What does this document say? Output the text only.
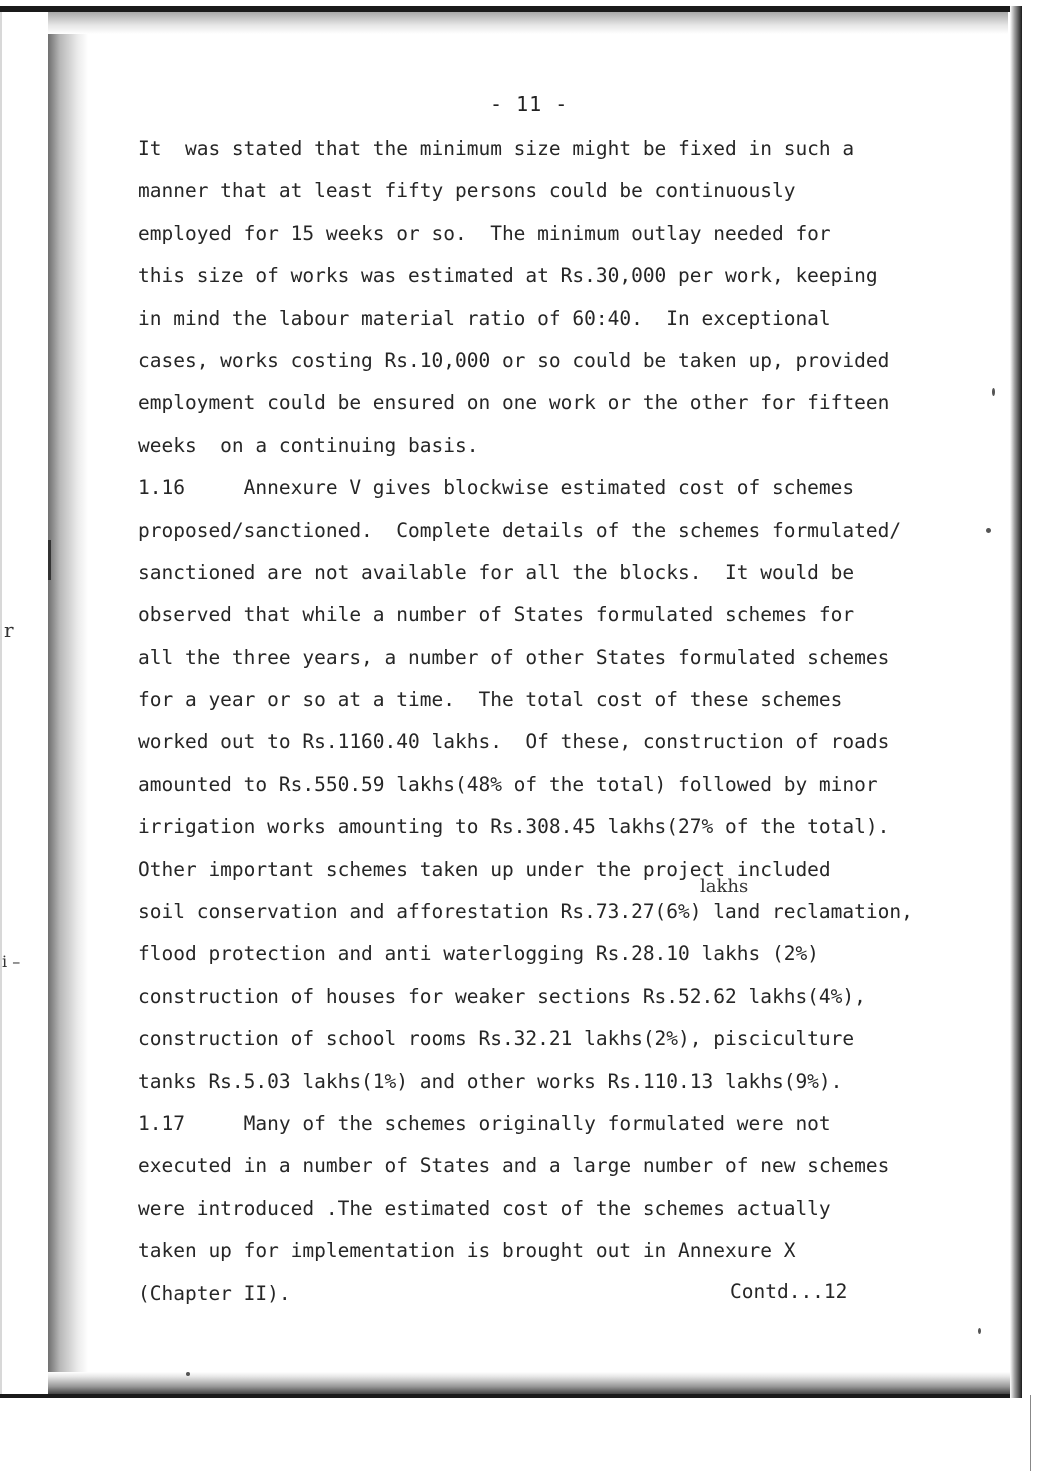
r
i –
- 11 -
It  was stated that the minimum size might be fixed in such a
manner that at least fifty persons could be continuously
employed for 15 weeks or so.  The minimum outlay needed for
this size of works was estimated at Rs.30,000 per work, keeping
in mind the labour material ratio of 60:40.  In exceptional
cases, works costing Rs.10,000 or so could be taken up, provided
employment could be ensured on one work or the other for fifteen
weeks  on a continuing basis.
1.16     Annexure V gives blockwise estimated cost of schemes
proposed/sanctioned.  Complete details of the schemes formulated/
sanctioned are not available for all the blocks.  It would be
observed that while a number of States formulated schemes for
all the three years, a number of other States formulated schemes
for a year or so at a time.  The total cost of these schemes
worked out to Rs.1160.40 lakhs.  Of these, construction of roads
amounted to Rs.550.59 lakhs(48% of the total) followed by minor
irrigation works amounting to Rs.308.45 lakhs(27% of the total).
Other important schemes taken up under the project included
soil conservation and afforestation Rs.73.27(6%) land reclamation,
flood protection and anti waterlogging Rs.28.10 lakhs (2%)
construction of houses for weaker sections Rs.52.62 lakhs(4%),
construction of school rooms Rs.32.21 lakhs(2%), pisciculture
tanks Rs.5.03 lakhs(1%) and other works Rs.110.13 lakhs(9%).
1.17     Many of the schemes originally formulated were not
executed in a number of States and a large number of new schemes
were introduced .The estimated cost of the schemes actually
taken up for implementation is brought out in Annexure X
(Chapter II).
lakhs
Contd...12
